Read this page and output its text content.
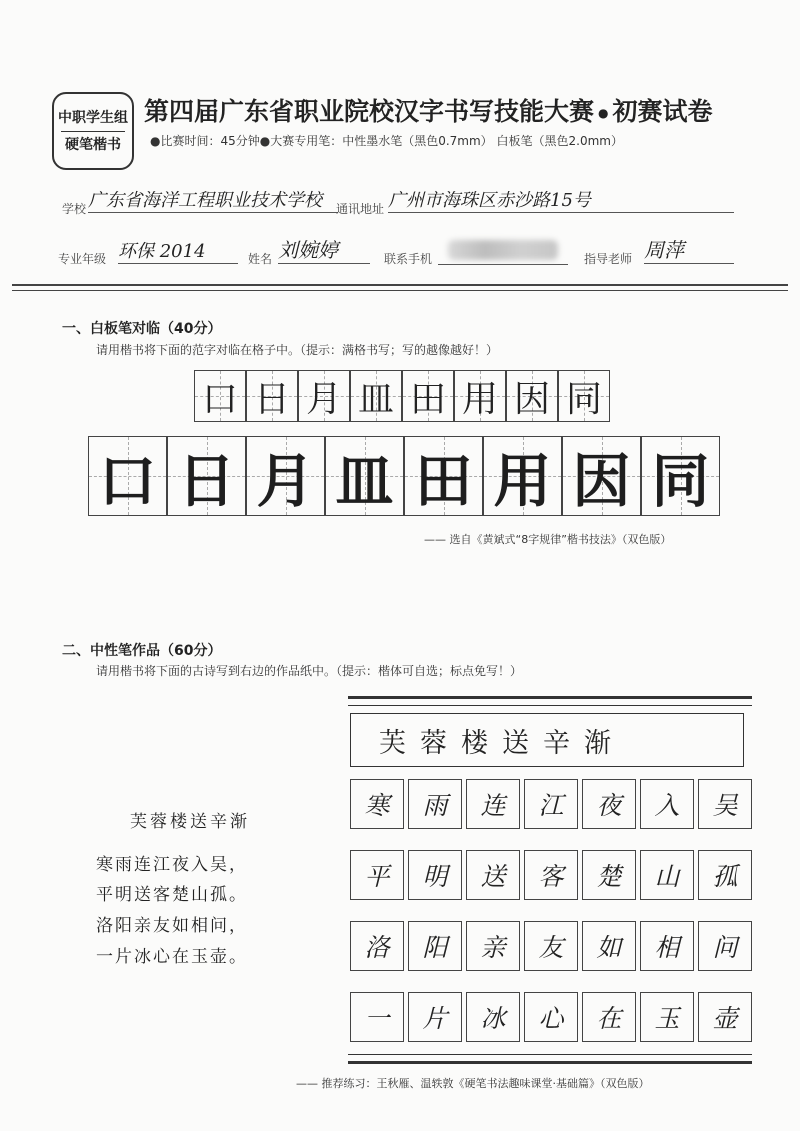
中职学生组
硬笔楷书
第四届广东省职业院校汉字书写技能大赛 ● 初赛试卷
●比赛时间：45分钟●大赛专用笔：中性墨水笔（黑色0.7mm） 白板笔（黑色2.0mm）
学校 广东省海洋工程职业技术学校	通讯地址 广州市海珠区赤沙路15号
专业年级 环保 2014	姓名 刘婉婷	联系手机	指导老师 周萍
一、白板笔对临（40分）
请用楷书将下面的范字对临在格子中。（提示：满格书写；写的越像越好！）
口 日 月 皿 田 用 因 同
口 日 月 皿 田 用 因 同
—— 选自《黄斌式“8字规律”楷书技法》（双色版）
二、中性笔作品（60分）
请用楷书将下面的古诗写到右边的作品纸中。（提示：楷体可自选；标点免写！）
芙蓉楼送辛渐
寒雨连江夜入吴，
平明送客楚山孤。
洛阳亲友如相问，
一片冰心在玉壶。
芙蓉楼送辛渐
寒	雨	连	江	夜	入	吴
平	明	送	客	楚	山	孤
洛	阳	亲	友	如	相	问
一	片	冰	心	在	玉	壶
—— 推荐练习：王秋雁、温轶敦《硬笔书法趣味课堂·基础篇》（双色版）
